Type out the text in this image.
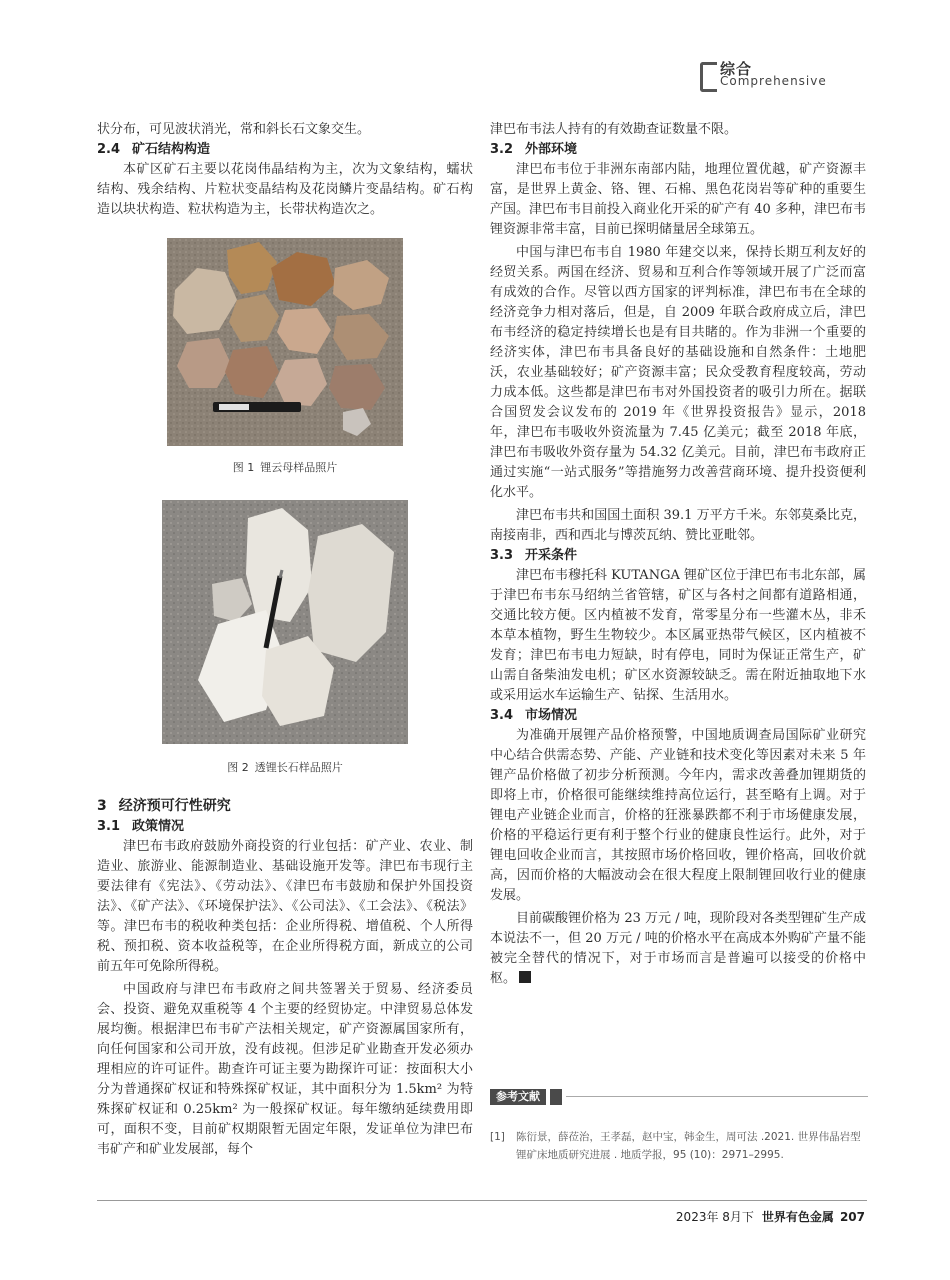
综合
Comprehensive

状分布，可见波状消光，常和斜长石文象交生。

2.4 矿石结构构造

本矿区矿石主要以花岗伟晶结构为主，次为文象结构，蠕状结构、残余结构、片粒状变晶结构及花岗鳞片变晶结构。矿石构造以块状构造、粒状构造为主，长带状构造次之。

图 1 锂云母样品照片
图 2 透锂长石样品照片
3 经济预可行性研究
3.1 政策情况

津巴布韦政府鼓励外商投资的行业包括：矿产业、农业、制造业、旅游业、能源制造业、基础设施开发等。津巴布韦现行主要法律有《宪法》、《劳动法》、《津巴布韦鼓励和保护外国投资法》、《矿产法》、《环境保护法》、《公司法》、《工会法》、《税法》等。津巴布韦的税收种类包括：企业所得税、增值税、个人所得税、预扣税、资本收益税等，在企业所得税方面，新成立的公司前五年可免除所得税。

中国政府与津巴布韦政府之间共签署关于贸易、经济委员会、投资、避免双重税等 4 个主要的经贸协定。中津贸易总体发展均衡。根据津巴布韦矿产法相关规定，矿产资源属国家所有，向任何国家和公司开放，没有歧视。但涉足矿业勘查开发必须办理相应的许可证件。勘查许可证主要为勘探许可证：按面积大小分为普通探矿权证和特殊探矿权证，其中面积分为 1.5km² 为特殊探矿权证和 0.25km² 为一般探矿权证。每年缴纳延续费用即可，面积不变，目前矿权期限暂无固定年限，发证单位为津巴布韦矿产和矿业发展部，每个

津巴布韦法人持有的有效勘查证数量不限。

3.2 外部环境

津巴布韦位于非洲东南部内陆，地理位置优越，矿产资源丰富，是世界上黄金、铬、锂、石棉、黑色花岗岩等矿种的重要生产国。津巴布韦目前投入商业化开采的矿产有 40 多种，津巴布韦锂资源非常丰富，目前已探明储量居全球第五。

中国与津巴布韦自 1980 年建交以来，保持长期互利友好的经贸关系。两国在经济、贸易和互利合作等领域开展了广泛而富有成效的合作。尽管以西方国家的评判标准，津巴布韦在全球的经济竞争力相对落后，但是，自 2009 年联合政府成立后，津巴布韦经济的稳定持续增长也是有目共睹的。作为非洲一个重要的经济实体，津巴布韦具备良好的基础设施和自然条件：土地肥沃，农业基础较好；矿产资源丰富；民众受教育程度较高，劳动力成本低。这些都是津巴布韦对外国投资者的吸引力所在。据联合国贸发会议发布的 2019 年《世界投资报告》显示，2018 年，津巴布韦吸收外资流量为 7.45 亿美元；截至 2018 年底，津巴布韦吸收外资存量为 54.32 亿美元。目前，津巴布韦政府正通过实施“一站式服务”等措施努力改善营商环境、提升投资便利化水平。

津巴布韦共和国国土面积 39.1 万平方千米。东邻莫桑比克，南接南非，西和西北与博茨瓦纳、赞比亚毗邻。

3.3 开采条件

津巴布韦穆托科 KUTANGA 锂矿区位于津巴布韦北东部，属于津巴布韦东马绍纳兰省管辖，矿区与各村之间都有道路相通，交通比较方便。区内植被不发育，常零星分布一些灌木丛，非禾本草本植物，野生生物较少。本区属亚热带气候区，区内植被不发育；津巴布韦电力短缺，时有停电，同时为保证正常生产，矿山需自备柴油发电机；矿区水资源较缺乏。需在附近抽取地下水或采用运水车运输生产、钻探、生活用水。

3.4 市场情况

为准确开展锂产品价格预警，中国地质调查局国际矿业研究中心结合供需态势、产能、产业链和技术变化等因素对未来 5 年锂产品价格做了初步分析预测。今年内，需求改善叠加锂期货的即将上市，价格很可能继续维持高位运行，甚至略有上调。对于锂电产业链企业而言，价格的狂涨暴跌都不利于市场健康发展，价格的平稳运行更有利于整个行业的健康良性运行。此外，对于锂电回收企业而言，其按照市场价格回收，锂价格高，回收价就高，因而价格的大幅波动会在很大程度上限制锂回收行业的健康发展。

目前碳酸锂价格为 23 万元 / 吨，现阶段对各类型锂矿生产成本说法不一，但 20 万元 / 吨的价格水平在高成本外购矿产量不能被完全替代的情况下，对于市场而言是普遍可以接受的价格中枢。

参考文献
[1] 陈衍景，薛莅治，王孝磊，赵中宝，韩金生，周可法 .2021. 世界伟晶岩型锂矿床地质研究进展 . 地质学报，95 (10)：2971–2995.
2023年 8月下 世界有色金属 207
